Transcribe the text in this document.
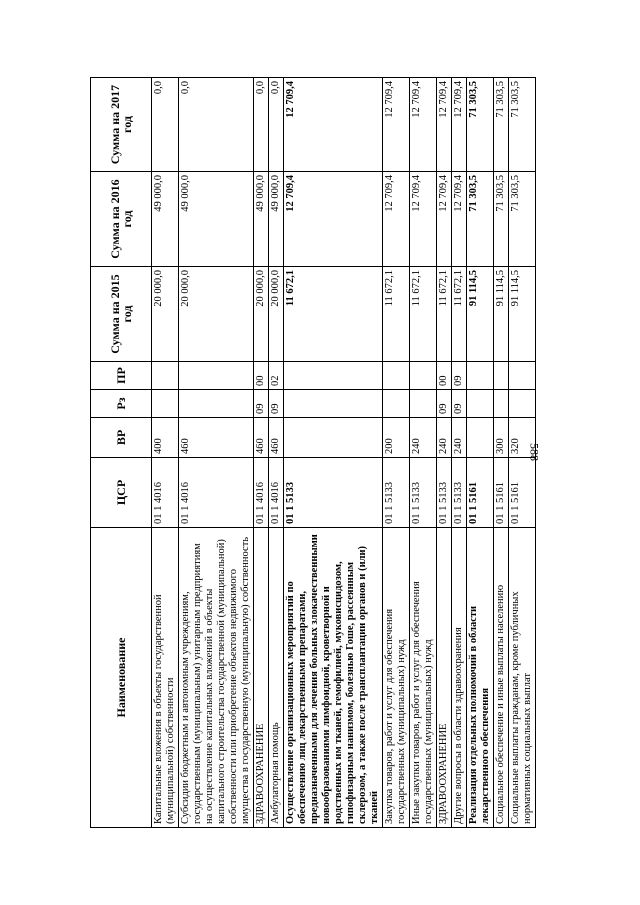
588
Наименование	ЦСР	ВР	Рз	ПР	Сумма на 2015 год	Сумма на 2016 год	Сумма на 2017 год
Капитальные вложения в объекты государственной (муниципальной) собственности	01 1 4016	400			20 000,0	49 000,0	0,0
Субсидии бюджетным и автономным учреждениям, государственным (муниципальным) унитарным предприятиям на осуществление капитальных вложений в объекты капитального строительства государственной (муниципальной) собственности или приобретение объектов недвижимого имущества в государственную (муниципальную) собственность	01 1 4016	460			20 000,0	49 000,0	0,0
ЗДРАВООХРАНЕНИЕ	01 1 4016	460	09	00	20 000,0	49 000,0	0,0
Амбулаторная помощь	01 1 4016	460	09	02	20 000,0	49 000,0	0,0
Осуществление организационных мероприятий по обеспечению лиц лекарственными препаратами, предназначенными для лечения больных злокачественными новообразованиями лимфоидной, кроветворной и родственных им тканей, гемофилией, муковисцидозом, гипофизарным нанизмом, болезнью Гоше, рассеянным склерозом, а также после трансплантации органов и (или) тканей	01 1 5133				11 672,1	12 709,4	12 709,4
Закупка товаров, работ и услуг для обеспечения государственных (муниципальных) нужд	01 1 5133	200			11 672,1	12 709,4	12 709,4
Иные закупки товаров, работ и услуг для обеспечения государственных (муниципальных) нужд	01 1 5133	240			11 672,1	12 709,4	12 709,4
ЗДРАВООХРАНЕНИЕ	01 1 5133	240	09	00	11 672,1	12 709,4	12 709,4
Другие вопросы в области здравоохранения	01 1 5133	240	09	09	11 672,1	12 709,4	12 709,4
Реализация отдельных полномочий в области лекарственного обеспечения	01 1 5161				91 114,5	71 303,5	71 303,5
Социальное обеспечение и иные выплаты населению	01 1 5161	300			91 114,5	71 303,5	71 303,5
Социальные выплаты гражданам, кроме публичных нормативных социальных выплат	01 1 5161	320			91 114,5	71 303,5	71 303,5
